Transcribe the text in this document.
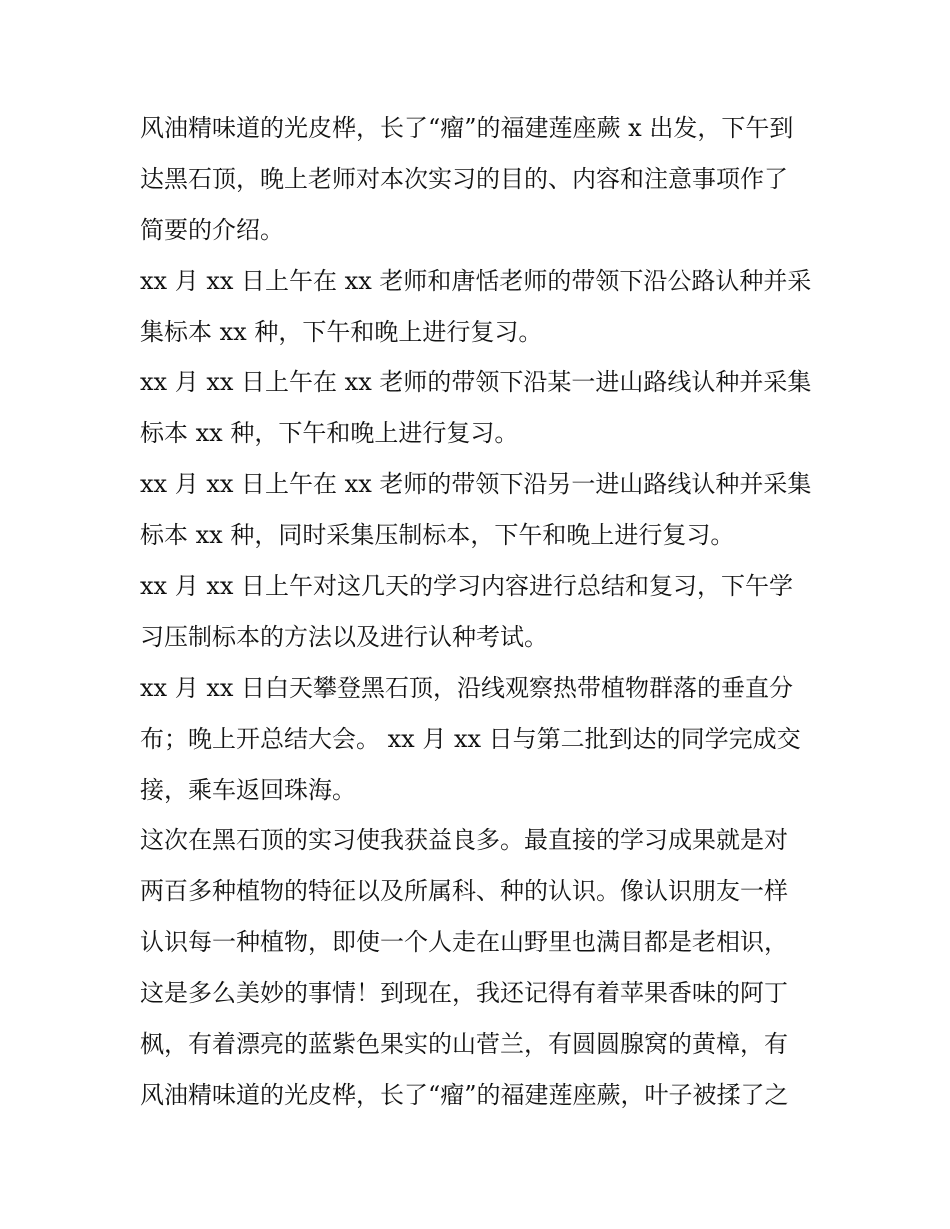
风油精味道的光皮桦，长了“瘤”的福建莲座蕨 x 出发，下午到
达黑石顶，晚上老师对本次实习的目的、内容和注意事项作了
简要的介绍。
xx 月 xx 日上午在 xx 老师和唐恬老师的带领下沿公路认种并采
集标本 xx 种，下午和晚上进行复习。
xx 月 xx 日上午在 xx 老师的带领下沿某一进山路线认种并采集
标本 xx 种，下午和晚上进行复习。
xx 月 xx 日上午在 xx 老师的带领下沿另一进山路线认种并采集
标本 xx 种，同时采集压制标本，下午和晚上进行复习。
xx 月 xx 日上午对这几天的学习内容进行总结和复习，下午学
习压制标本的方法以及进行认种考试。
xx 月 xx 日白天攀登黑石顶，沿线观察热带植物群落的垂直分
布；晚上开总结大会。 xx 月 xx 日与第二批到达的同学完成交
接，乘车返回珠海。
这次在黑石顶的实习使我获益良多。最直接的学习成果就是对
两百多种植物的特征以及所属科、种的认识。像认识朋友一样
认识每一种植物，即使一个人走在山野里也满目都是老相识，
这是多么美妙的事情！到现在，我还记得有着苹果香味的阿丁
枫，有着漂亮的蓝紫色果实的山菅兰，有圆圆腺窝的黄樟，有
风油精味道的光皮桦，长了“瘤”的福建莲座蕨，叶子被揉了之
